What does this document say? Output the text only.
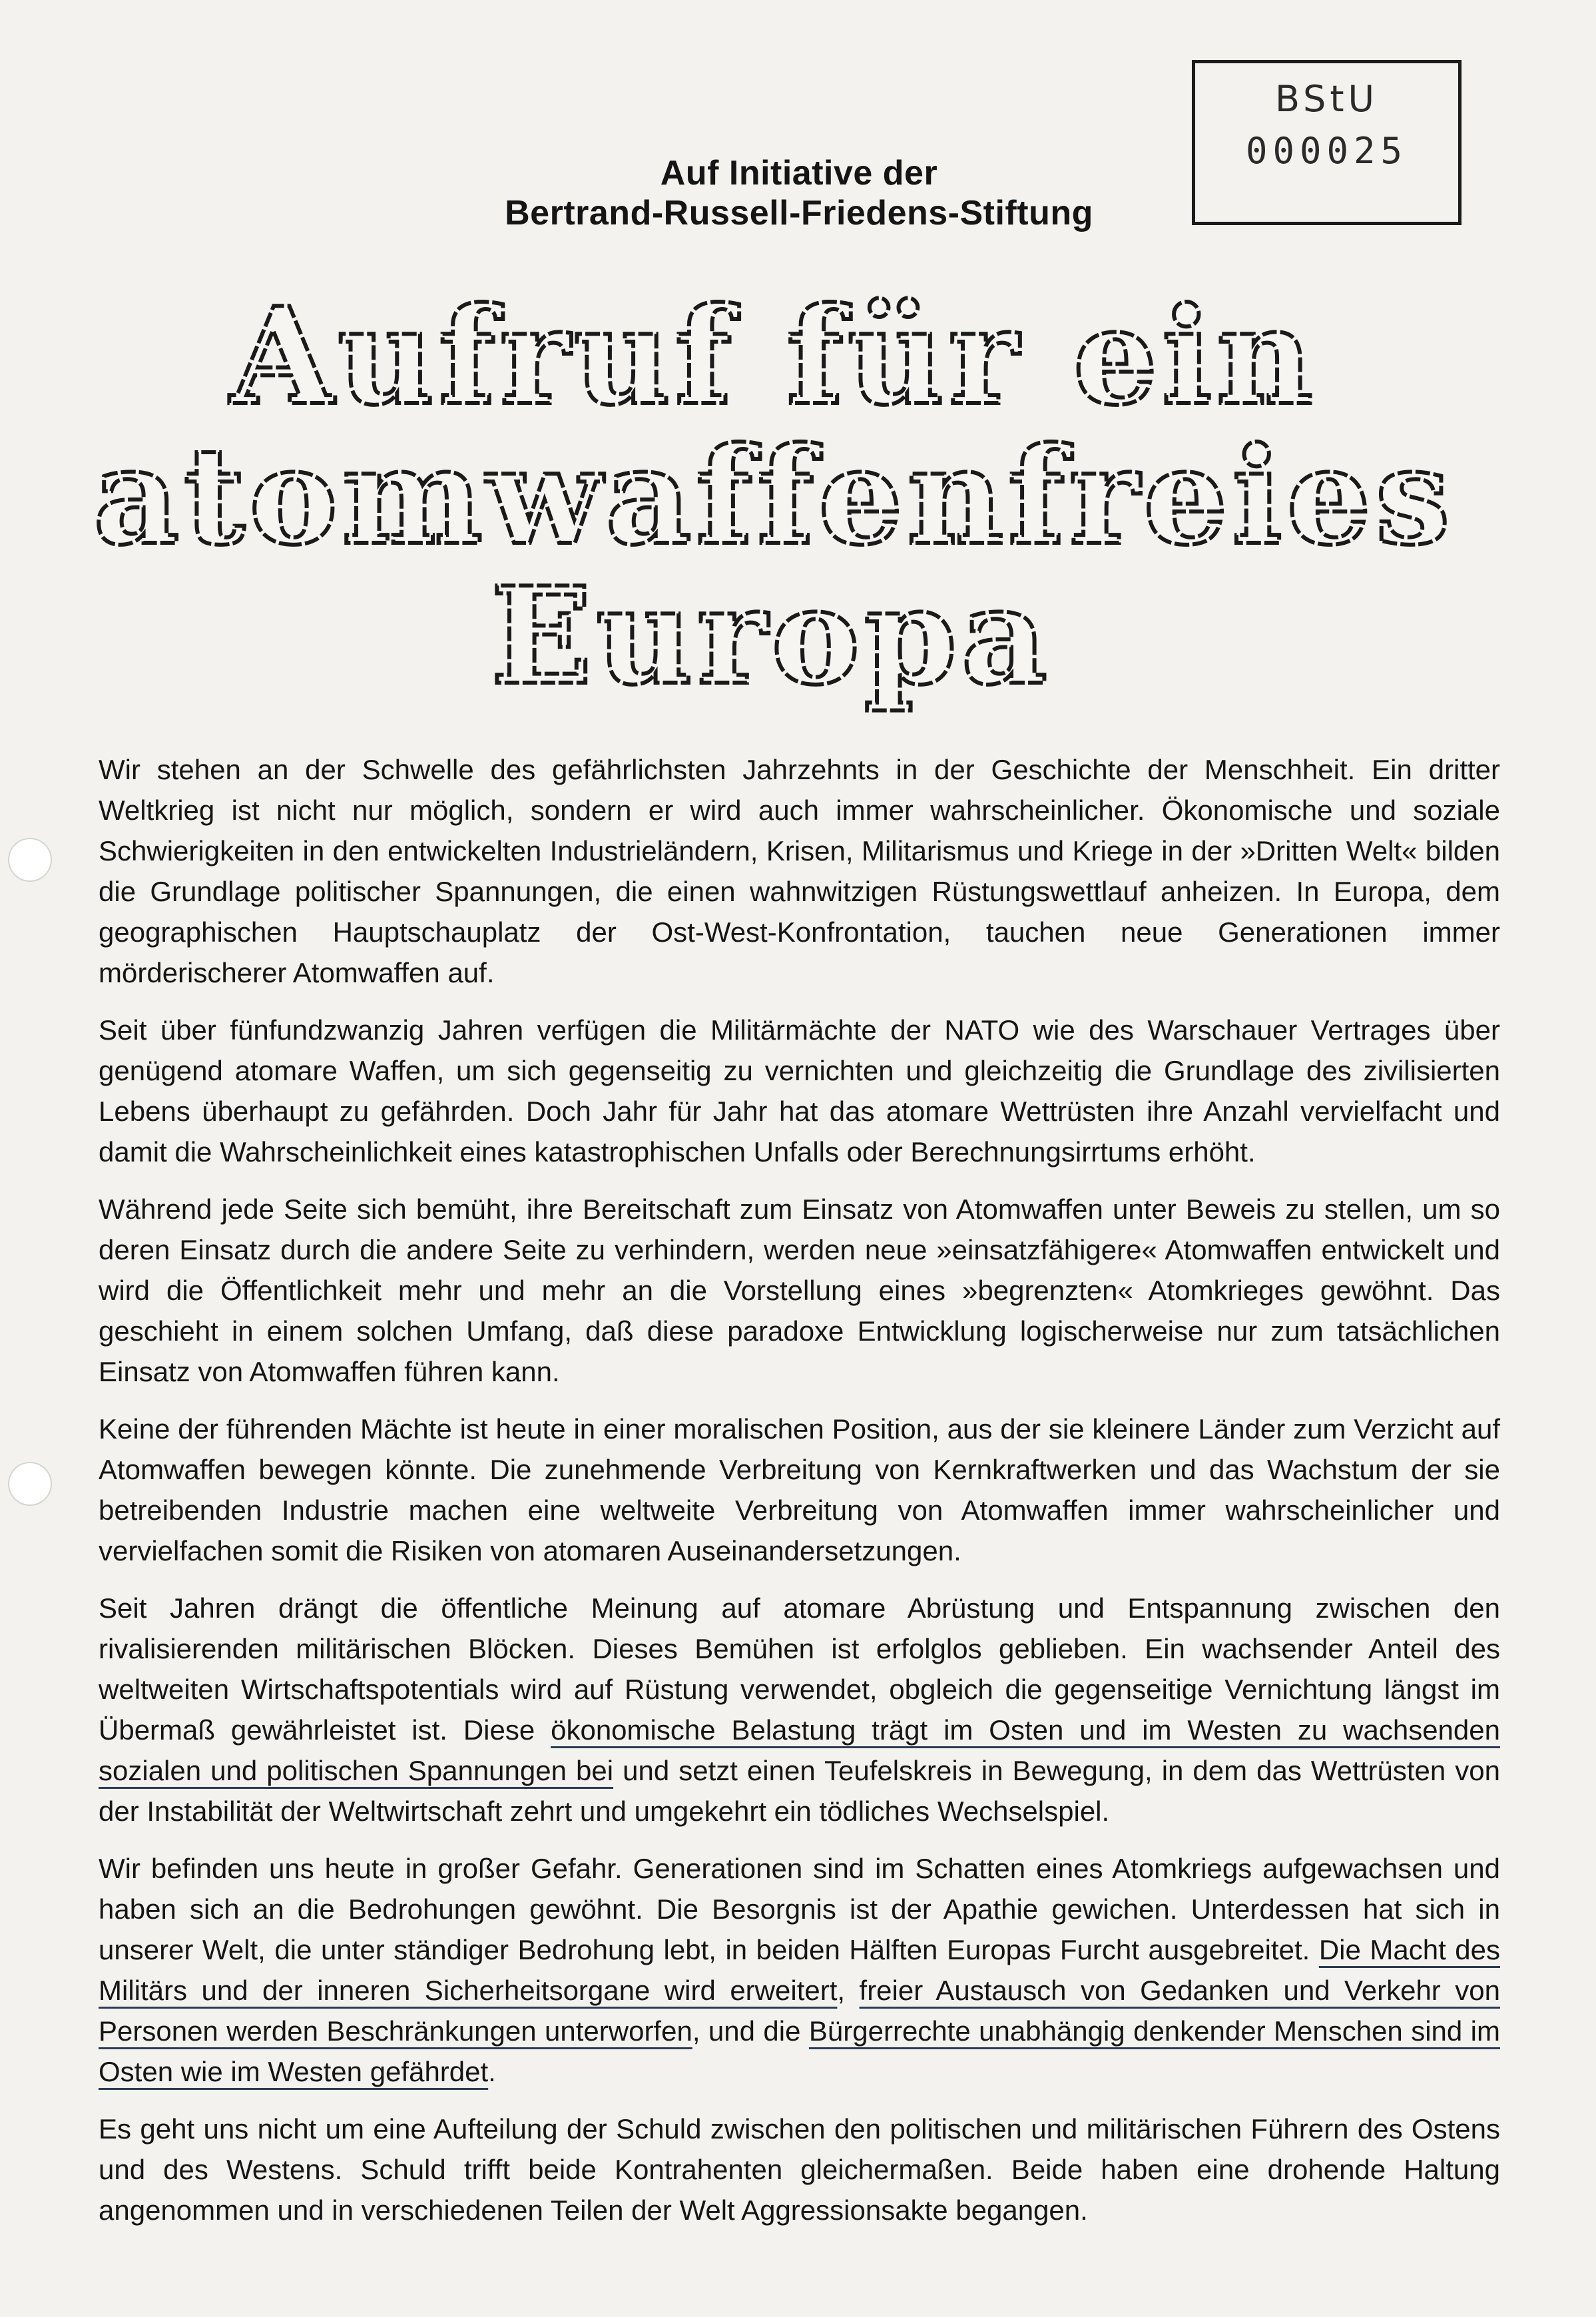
BStU
000025
Auf Initiative der
Bertrand-Russell-Friedens-Stiftung
Aufruf für ein
atomwaffenfreies
Europa

Wir stehen an der Schwelle des gefährlichsten Jahrzehnts in der Geschichte der Menschheit. Ein dritter Weltkrieg ist nicht nur möglich, sondern er wird auch immer wahrscheinlicher. Ökonomische und soziale Schwierigkeiten in den entwickelten Industrieländern, Krisen, Militarismus und Kriege in der »Dritten Welt« bilden die Grundlage politischer Spannungen, die einen wahnwitzigen Rüstungswettlauf anheizen. In Europa, dem geographischen Hauptschauplatz der Ost-West-Konfrontation, tauchen neue Generationen immer mörderischerer Atomwaffen auf.

Seit über fünfundzwanzig Jahren verfügen die Militärmächte der NATO wie des Warschauer Vertrages über genügend atomare Waffen, um sich gegenseitig zu vernichten und gleichzeitig die Grundlage des zivilisierten Lebens überhaupt zu gefährden. Doch Jahr für Jahr hat das atomare Wettrüsten ihre Anzahl vervielfacht und damit die Wahrscheinlichkeit eines katastrophischen Unfalls oder Berechnungsirrtums erhöht.

Während jede Seite sich bemüht, ihre Bereitschaft zum Einsatz von Atomwaffen unter Beweis zu stellen, um so deren Einsatz durch die andere Seite zu verhindern, werden neue »einsatzfähigere« Atomwaffen entwickelt und wird die Öffentlichkeit mehr und mehr an die Vorstellung eines »begrenzten« Atomkrieges gewöhnt. Das geschieht in einem solchen Umfang, daß diese paradoxe Entwicklung logischerweise nur zum tatsächlichen Einsatz von Atomwaffen führen kann.

Keine der führenden Mächte ist heute in einer moralischen Position, aus der sie kleinere Länder zum Verzicht auf Atomwaffen bewegen könnte. Die zunehmende Verbreitung von Kernkraftwerken und das Wachstum der sie betreibenden Industrie machen eine weltweite Verbreitung von Atomwaffen immer wahrscheinlicher und vervielfachen somit die Risiken von atomaren Auseinandersetzungen.

Seit Jahren drängt die öffentliche Meinung auf atomare Abrüstung und Entspannung zwischen den rivalisierenden militärischen Blöcken. Dieses Bemühen ist erfolglos geblieben. Ein wachsender Anteil des weltweiten Wirtschaftspotentials wird auf Rüstung verwendet, obgleich die gegenseitige Vernichtung längst im Übermaß gewährleistet ist. Diese ökonomische Belastung trägt im Osten und im Westen zu wachsenden sozialen und politischen Spannungen bei und setzt einen Teufelskreis in Bewegung, in dem das Wettrüsten von der Instabilität der Weltwirtschaft zehrt und umgekehrt ein tödliches Wechselspiel.

Wir befinden uns heute in großer Gefahr. Generationen sind im Schatten eines Atomkriegs aufgewachsen und haben sich an die Bedrohungen gewöhnt. Die Besorgnis ist der Apathie gewichen. Unterdessen hat sich in unserer Welt, die unter ständiger Bedrohung lebt, in beiden Hälften Europas Furcht ausgebreitet. Die Macht des Militärs und der inneren Sicherheitsorgane wird erweitert, freier Austausch von Gedanken und Verkehr von Personen werden Beschränkungen unterworfen, und die Bürgerrechte unabhängig denkender Menschen sind im Osten wie im Westen gefährdet.

Es geht uns nicht um eine Aufteilung der Schuld zwischen den politischen und militärischen Führern des Ostens und des Westens. Schuld trifft beide Kontrahenten gleichermaßen. Beide haben eine drohende Haltung angenommen und in verschiedenen Teilen der Welt Aggressionsakte begangen.
